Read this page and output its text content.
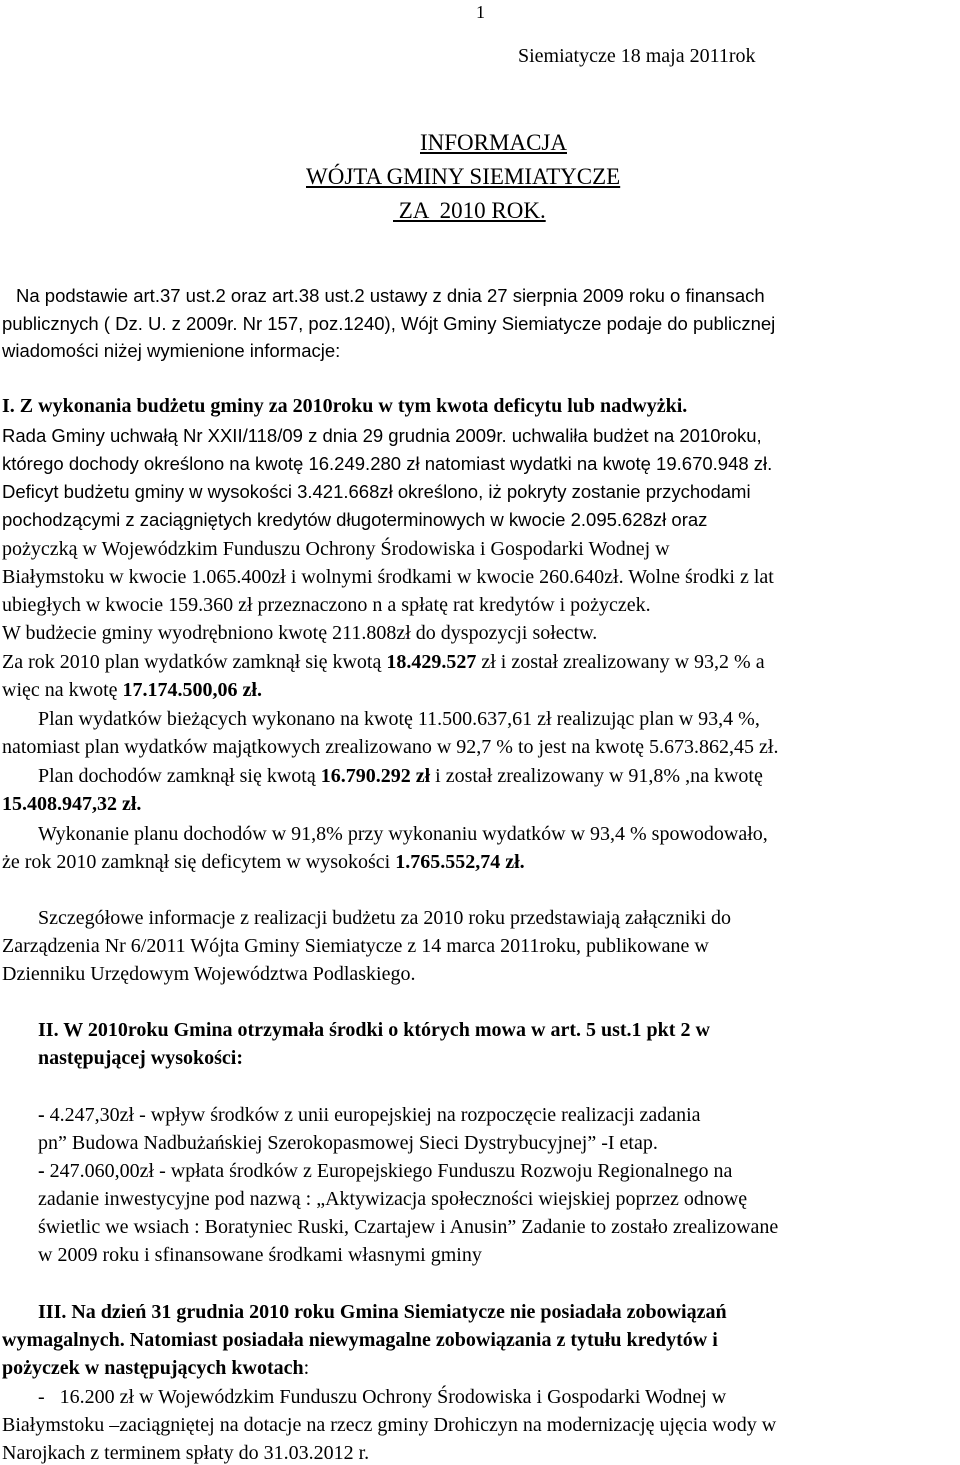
1
Siemiatycze 18 maja 2011rok
INFORMACJA
WÓJTA GMINY SIEMIATYCZE
ZA  2010 ROK.
Na podstawie art.37 ust.2 oraz art.38 ust.2 ustawy z dnia 27 sierpnia 2009 roku o finansach
publicznych ( Dz. U. z 2009r. Nr 157, poz.1240), Wójt Gminy Siemiatycze podaje do publicznej
wiadomości niżej wymienione informacje:
I. Z wykonania budżetu gminy za 2010roku w tym kwota deficytu lub nadwyżki.
Rada Gminy uchwałą Nr XXII/118/09 z dnia 29 grudnia 2009r. uchwaliła budżet na 2010roku,
którego dochody określono na kwotę 16.249.280 zł natomiast wydatki na kwotę 19.670.948 zł.
Deficyt budżetu gminy w wysokości 3.421.668zł określono, iż pokryty zostanie przychodami
pochodzącymi z zaciągniętych kredytów długoterminowych w kwocie 2.095.628zł oraz
pożyczką w Wojewódzkim Funduszu Ochrony Środowiska i Gospodarki Wodnej w
Białymstoku w kwocie 1.065.400zł i wolnymi środkami w kwocie 260.640zł. Wolne środki z lat
ubiegłych w kwocie 159.360 zł przeznaczono n a spłatę rat kredytów i pożyczek.
W budżecie gminy wyodrębniono kwotę 211.808zł do dyspozycji sołectw.
Za rok 2010 plan wydatków zamknął się kwotą 18.429.527 zł i został zrealizowany w 93,2 % a
więc na kwotę 17.174.500,06 zł.
Plan wydatków bieżących wykonano na kwotę 11.500.637,61 zł realizując plan w 93,4 %,
natomiast plan wydatków majątkowych zrealizowano w 92,7 % to jest na kwotę 5.673.862,45 zł.
Plan dochodów zamknął się kwotą 16.790.292 zł i został zrealizowany w 91,8% ,na kwotę
15.408.947,32 zł.
Wykonanie planu dochodów w 91,8% przy wykonaniu wydatków w 93,4 % spowodowało,
że rok 2010 zamknął się deficytem w wysokości 1.765.552,74 zł.
Szczegółowe informacje z realizacji budżetu za 2010 roku przedstawiają załączniki do
Zarządzenia Nr 6/2011 Wójta Gminy Siemiatycze z 14 marca 2011roku, publikowane w
Dzienniku Urzędowym Województwa Podlaskiego.
II. W 2010roku Gmina otrzymała środki o których mowa w art. 5 ust.1 pkt 2 w
następującej wysokości:
- 4.247,30zł - wpływ środków z unii europejskiej na rozpoczęcie realizacji zadania
pn” Budowa Nadbużańskiej Szerokopasmowej Sieci Dystrybucyjnej” -I etap.
- 247.060,00zł - wpłata środków z Europejskiego Funduszu Rozwoju Regionalnego na
zadanie inwestycyjne pod nazwą : „Aktywizacja społeczności wiejskiej poprzez odnowę
świetlic we wsiach : Boratyniec Ruski, Czartajew i Anusin” Zadanie to zostało zrealizowane
w 2009 roku i sfinansowane środkami własnymi gminy
III. Na dzień 31 grudnia 2010 roku Gmina Siemiatycze nie posiadała zobowiązań
wymagalnych. Natomiast posiadała niewymagalne zobowiązania z tytułu kredytów i
pożyczek w następujących kwotach:
-   16.200 zł w Wojewódzkim Funduszu Ochrony Środowiska i Gospodarki Wodnej w
Białymstoku –zaciągniętej na dotacje na rzecz gminy Drohiczyn na modernizację ujęcia wody w
Narojkach z terminem spłaty do 31.03.2012 r.
